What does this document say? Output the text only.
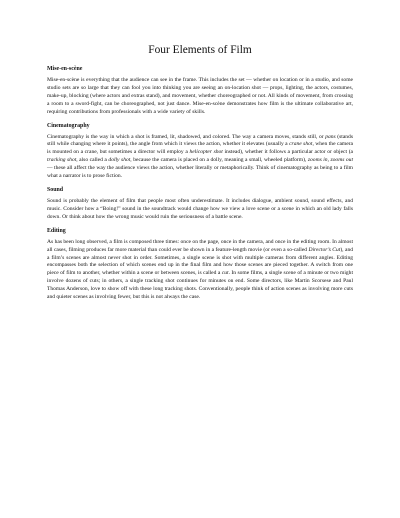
Four Elements of Film
Mise-en-scène

Mise-en-scène is everything that the audience can see in the frame. This includes the set — whether on location or in a studio, and some studio sets are so large that they can fool you into thinking you are seeing an on-location shot — props, lighting, the actors, costumes, make-up, blocking (where actors and extras stand), and movement, whether choreographed or not. All kinds of movement, from crossing a room to a sword-fight, can be choreographed, not just dance. Mise-en-scène demonstrates how film is the ultimate collaborative art, requiring contributions from professionals with a wide variety of skills.

Cinematography

Cinematography is the way in which a shot is framed, lit, shadowed, and colored. The way a camera moves, stands still, or pans (stands still while changing where it points), the angle from which it views the action, whether it elevates (usually a crane shot, when the camera is mounted on a crane, but sometimes a director will employ a helicopter shot instead), whether it follows a particular actor or object (a tracking shot, also called a dolly shot, because the camera is placed on a dolly, meaning a small, wheeled platform), zooms in, zooms out — these all affect the way the audience views the action, whether literally or metaphorically. Think of cinematography as being to a film what a narrator is to prose fiction.

Sound

Sound is probably the element of film that people most often underestimate. It includes dialogue, ambient sound, sound effects, and music. Consider how a “Boing!” sound in the soundtrack would change how we view a love scene or a scene in which an old lady falls down. Or think about how the wrong music would ruin the seriousness of a battle scene.

Editing

As has been long observed, a film is composed three times: once on the page, once in the camera, and once in the editing room. In almost all cases, filming produces far more material than could ever be shown in a feature-length movie (or even a so-called Director’s Cut), and a film’s scenes are almost never shot in order. Sometimes, a single scene is shot with multiple cameras from different angles. Editing encompasses both the selection of which scenes end up in the final film and how those scenes are pieced together. A switch from one piece of film to another, whether within a scene or between scenes, is called a cut. In some films, a single scene of a minute or two might involve dozens of cuts; in others, a single tracking shot continues for minutes on end. Some directors, like Martin Scorsese and Paul Thomas Anderson, love to show off with these long tracking shots. Conventionally, people think of action scenes as involving more cuts and quieter scenes as involving fewer, but this is not always the case.
